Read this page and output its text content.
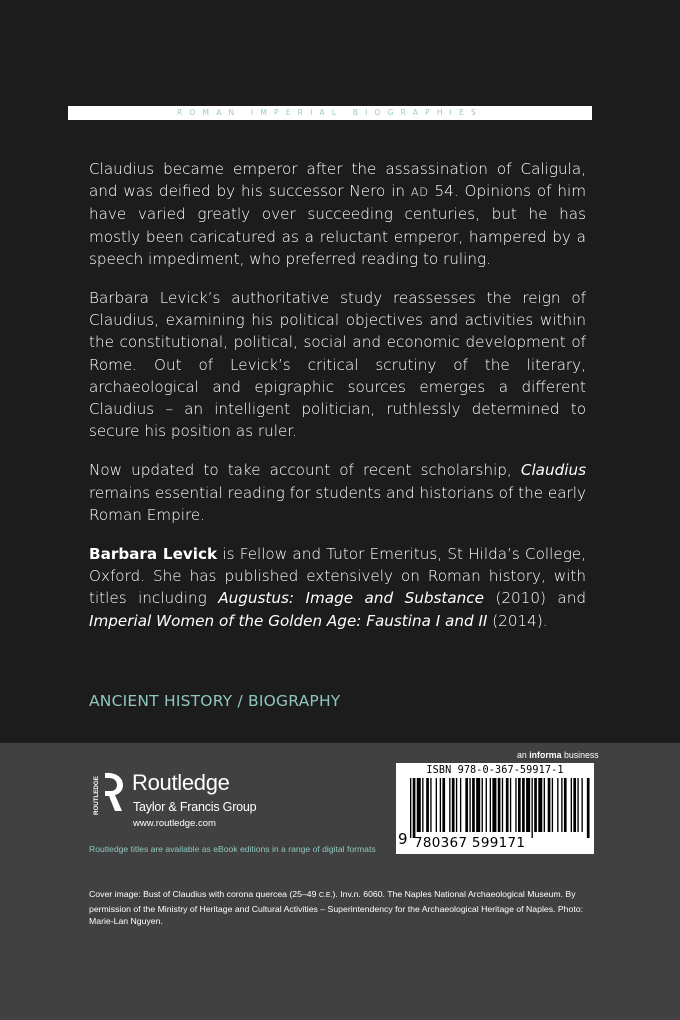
ROMAN IMPERIAL BIOGRAPHIES

Claudius became emperor after the assassination of Caligula, and was deified by his successor Nero in AD 54. Opinions of him have varied greatly over succeeding centuries, but he has mostly been caricatured as a reluctant emperor, hampered by a speech impediment, who preferred reading to ruling.

Barbara Levick’s authoritative study reassesses the reign of Claudius, examining his political objectives and activities within the constitutional, political, social and economic development of Rome. Out of Levick’s critical scrutiny of the literary, archaeological and epigraphic sources emerges a different Claudius – an intelligent politician, ruthlessly determined to secure his position as ruler.

Now updated to take account of recent scholarship, Claudius remains essential reading for students and historians of the early Roman Empire.

Barbara Levick is Fellow and Tutor Emeritus, St Hilda’s College, Oxford. She has published extensively on Roman history, with titles including Augustus: Image and Substance (2010) and Imperial Women of the Golden Age: Faustina I and II (2014).

ANCIENT HISTORY / BIOGRAPHY
ROUTLEDGE Routledge
Taylor & Francis Group
www.routledge.com
Routledge titles are available as eBook editions in a range of digital formats
an informa business
ISBN 978-0-367-59917-1
9 780367 599171
Cover image: Bust of Claudius with corona quercea (25–49 C.E.). Inv.n. 6060. The Naples National Archaeological Museum. By permission of the Ministry of Heritage and Cultural Activities – Superintendency for the Archaeological Heritage of Naples. Photo: Marie-Lan Nguyen.
